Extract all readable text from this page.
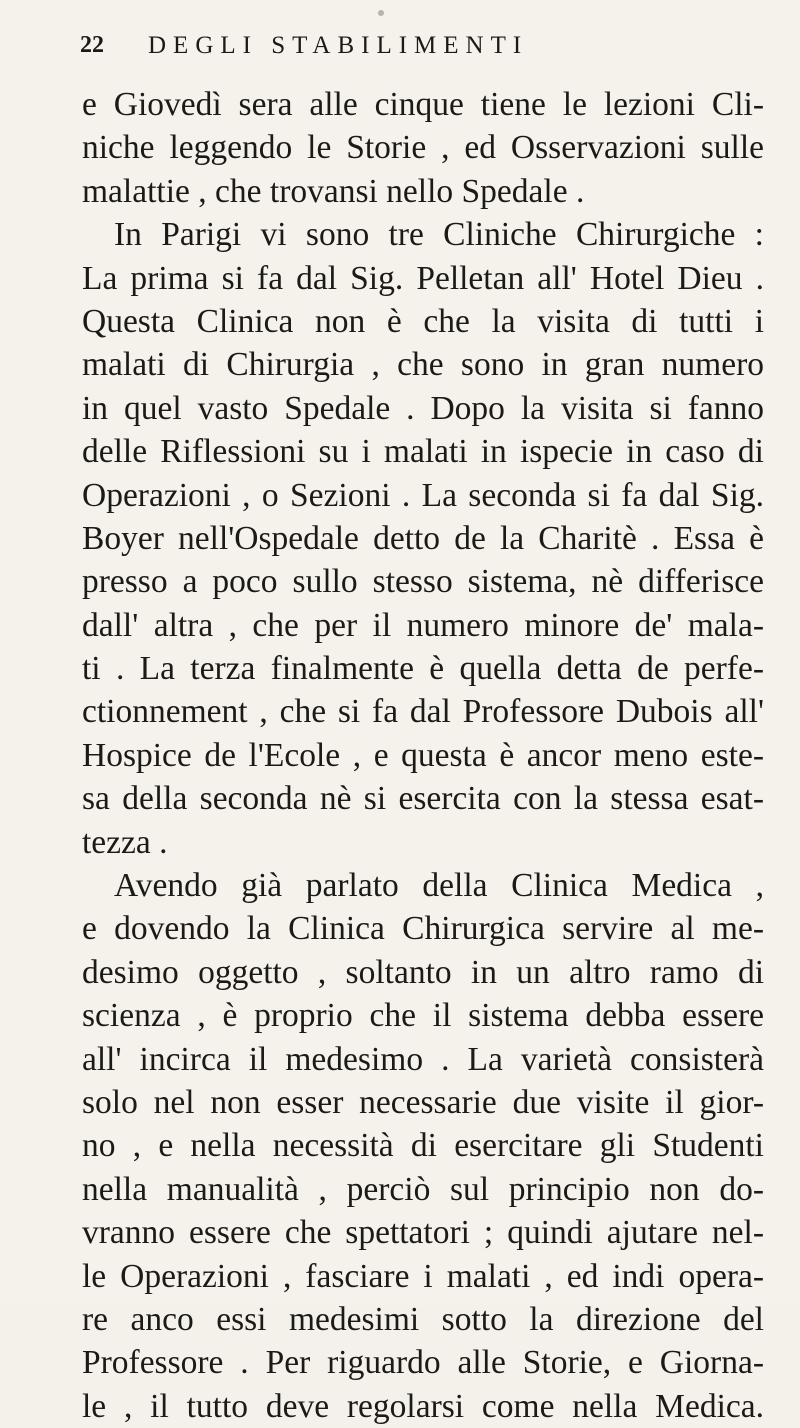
22 DEGLI STABILIMENTI
e Giovedì sera alle cinque tiene le lezioni Cli-
niche leggendo le Storie , ed Osservazioni sulle
malattie , che trovansi nello Spedale .
In Parigi vi sono tre Cliniche Chirurgiche :
La prima si fa dal Sig. Pelletan all' Hotel Dieu .
Questa Clinica non è che la visita di tutti i
malati di Chirurgia , che sono in gran numero
in quel vasto Spedale . Dopo la visita si fanno
delle Riflessioni su i malati in ispecie in caso di
Operazioni , o Sezioni . La seconda si fa dal Sig.
Boyer nell'Ospedale detto de la Charitè . Essa è
presso a poco sullo stesso sistema, nè differisce
dall' altra , che per il numero minore de' mala-
ti . La terza finalmente è quella detta de perfe-
ctionnement , che si fa dal Professore Dubois all'
Hospice de l'Ecole , e questa è ancor meno este-
sa della seconda nè si esercita con la stessa esat-
tezza .
Avendo già parlato della Clinica Medica ,
e dovendo la Clinica Chirurgica servire al me-
desimo oggetto , soltanto in un altro ramo di
scienza , è proprio che il sistema debba essere
all' incirca il medesimo . La varietà consisterà
solo nel non esser necessarie due visite il gior-
no , e nella necessità di esercitare gli Studenti
nella manualità , perciò sul principio non do-
vranno essere che spettatori ; quindi ajutare nel-
le Operazioni , fasciare i malati , ed indi opera-
re anco essi medesimi sotto la direzione del
Professore . Per riguardo alle Storie, e Giorna-
le , il tutto deve regolarsi come nella Medica.
